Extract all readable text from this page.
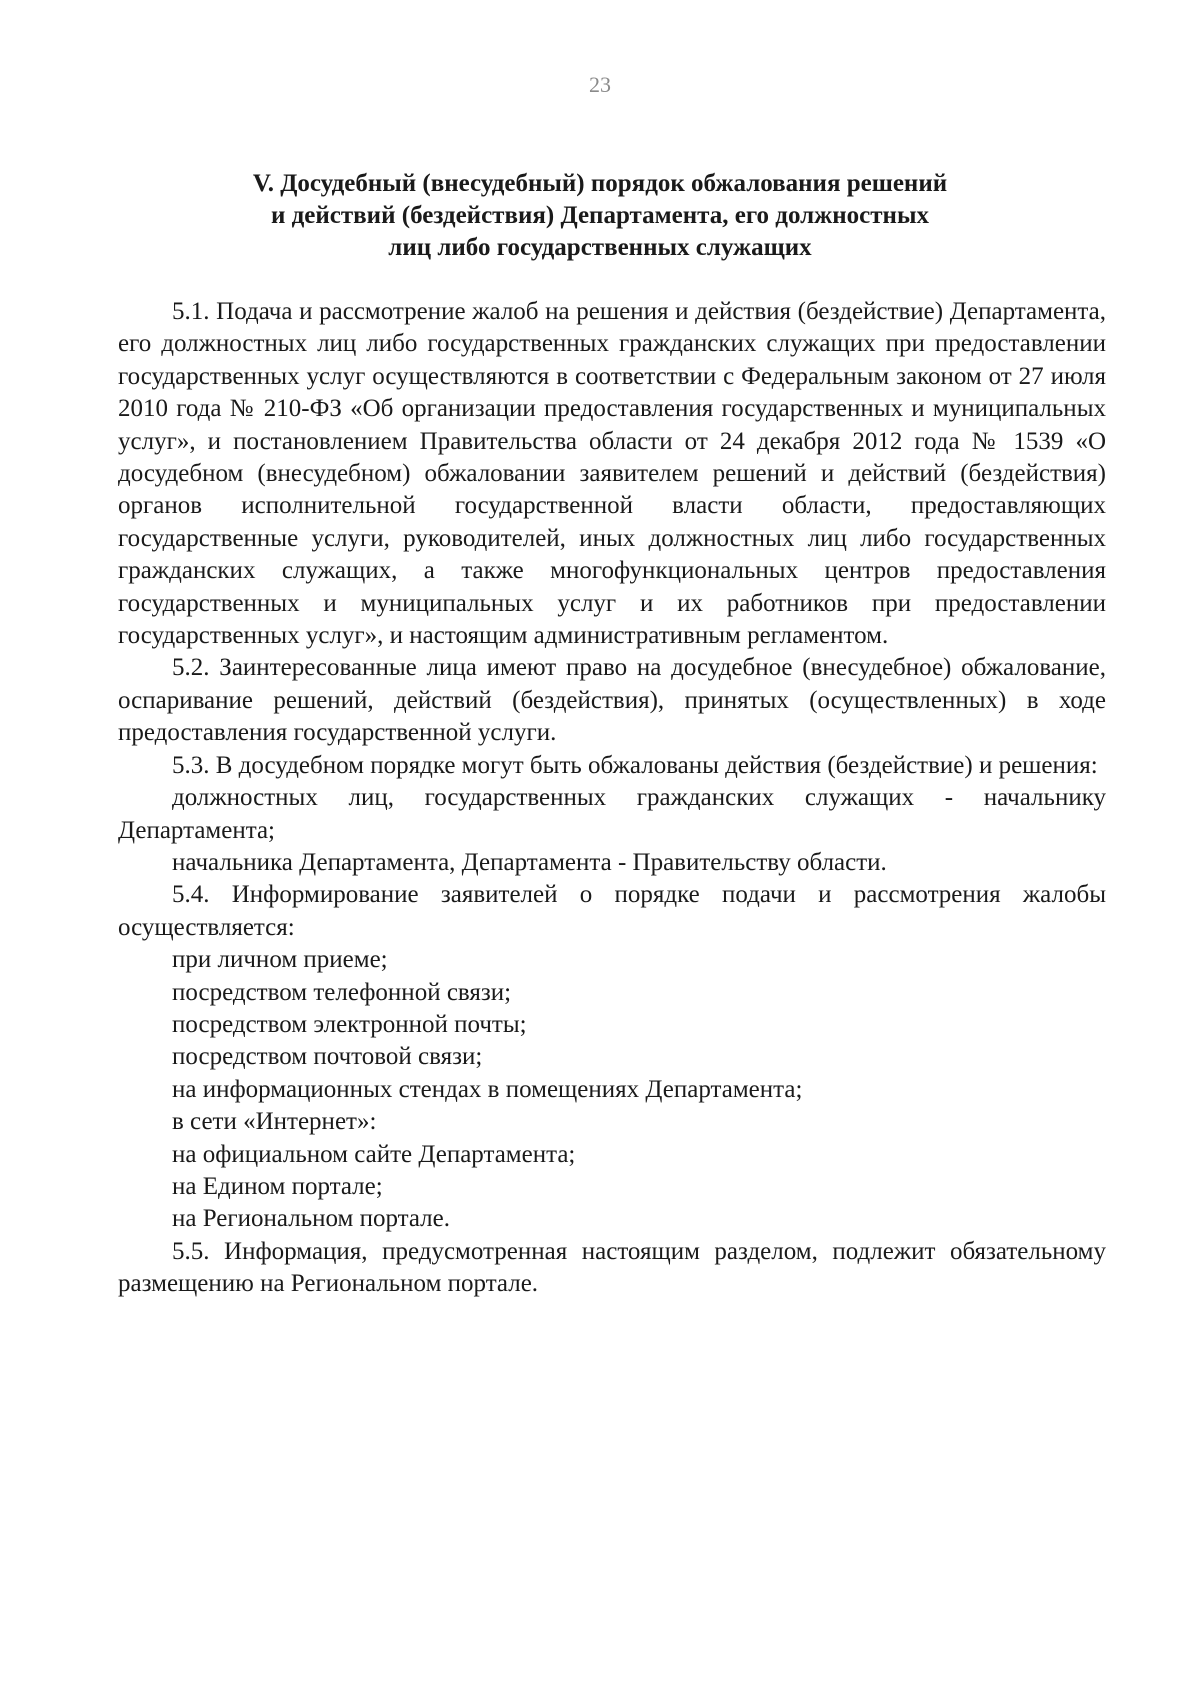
23
V. Досудебный (внесудебный) порядок обжалования решений
и действий (бездействия) Департамента, его должностных
лиц либо государственных служащих

5.1. Подача и рассмотрение жалоб на решения и действия (бездействие) Департамента, его должностных лиц либо государственных гражданских служащих при предоставлении государственных услуг осуществляются в соответствии с Федеральным законом от 27 июля 2010 года № 210-ФЗ «Об организации предоставления государственных и муниципальных услуг», и постановлением Правительства области от 24 декабря 2012 года № 1539 «О досудебном (внесудебном) обжаловании заявителем решений и действий (бездействия) органов исполнительной государственной власти области, предоставляющих государственные услуги, руководителей, иных должностных лиц либо государственных гражданских служащих, а также многофункциональных центров предоставления государственных и муниципальных услуг и их работников при предоставлении государственных услуг», и настоящим административным регламентом.

5.2. Заинтересованные лица имеют право на досудебное (внесудебное) обжалование, оспаривание решений, действий (бездействия), принятых (осуществленных) в ходе предоставления государственной услуги.

5.3. В досудебном порядке могут быть обжалованы действия (бездействие) и решения:

должностных лиц, государственных гражданских служащих - начальнику Департамента;

начальника Департамента, Департамента - Правительству области.

5.4. Информирование заявителей о порядке подачи и рассмотрения жалобы осуществляется:

при личном приеме;

посредством телефонной связи;

посредством электронной почты;

посредством почтовой связи;

на информационных стендах в помещениях Департамента;

в сети «Интернет»:

на официальном сайте Департамента;

на Едином портале;

на Региональном портале.

5.5. Информация, предусмотренная настоящим разделом, подлежит обязательному размещению на Региональном портале.
